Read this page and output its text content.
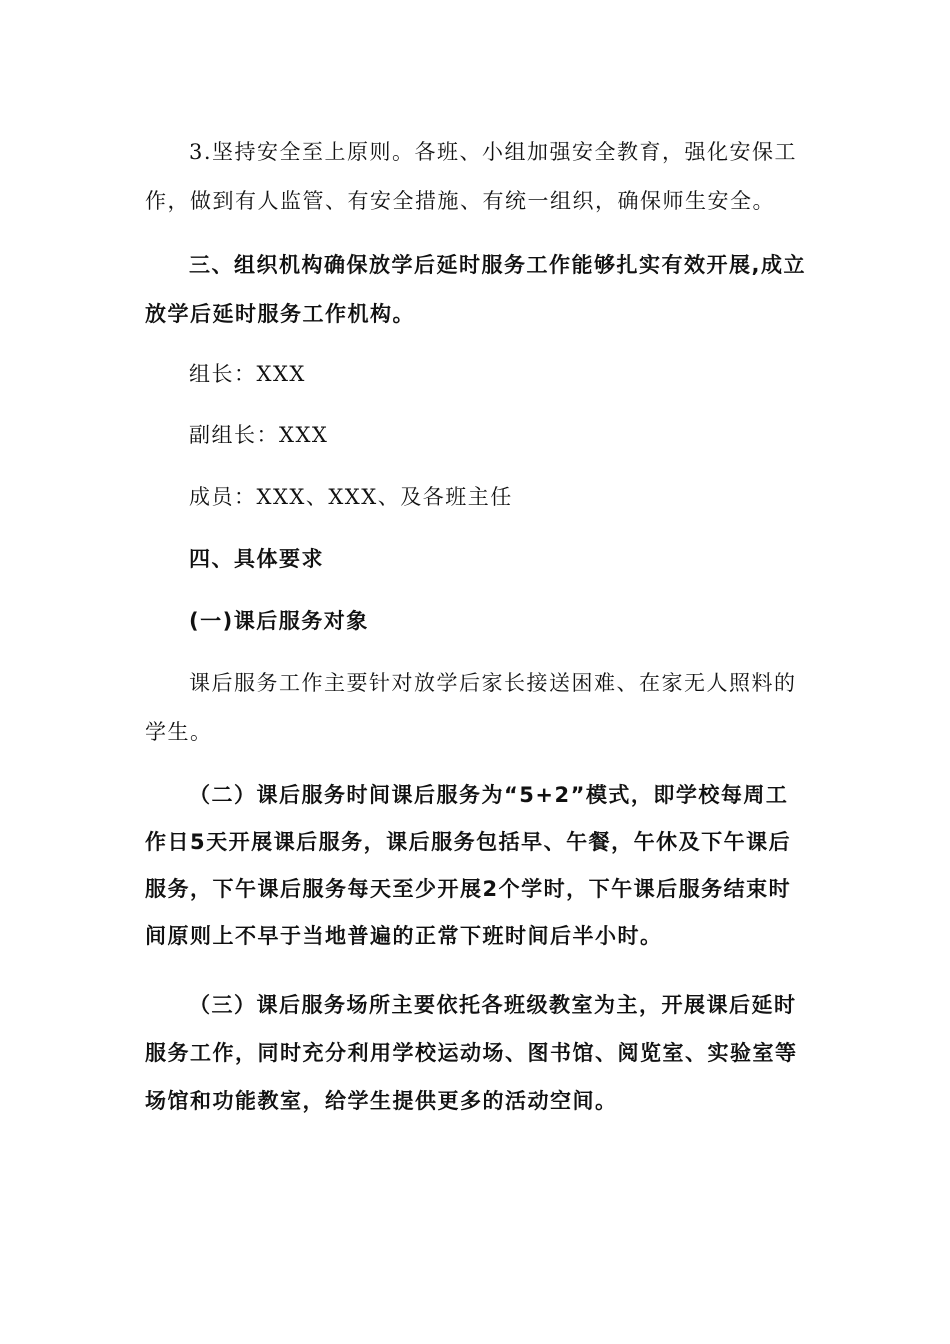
3.坚持安全至上原则。各班、小组加强安全教育，强化安保工作，做到有人监管、有安全措施、有统一组织，确保师生安全。

三、组织机构确保放学后延时服务工作能够扎实有效开展,成立放学后延时服务工作机构。

组长：XXX

副组长：XXX

成员：XXX、XXX、及各班主任

四、具体要求

(一)课后服务对象

课后服务工作主要针对放学后家长接送困难、在家无人照料的学生。

（二）课后服务时间课后服务为“5+2”模式，即学校每周工作日5天开展课后服务，课后服务包括早、午餐，午休及下午课后服务，下午课后服务每天至少开展2个学时，下午课后服务结束时间原则上不早于当地普遍的正常下班时间后半小时。

（三）课后服务场所主要依托各班级教室为主，开展课后延时服务工作，同时充分利用学校运动场、图书馆、阅览室、实验室等场馆和功能教室，给学生提供更多的活动空间。
